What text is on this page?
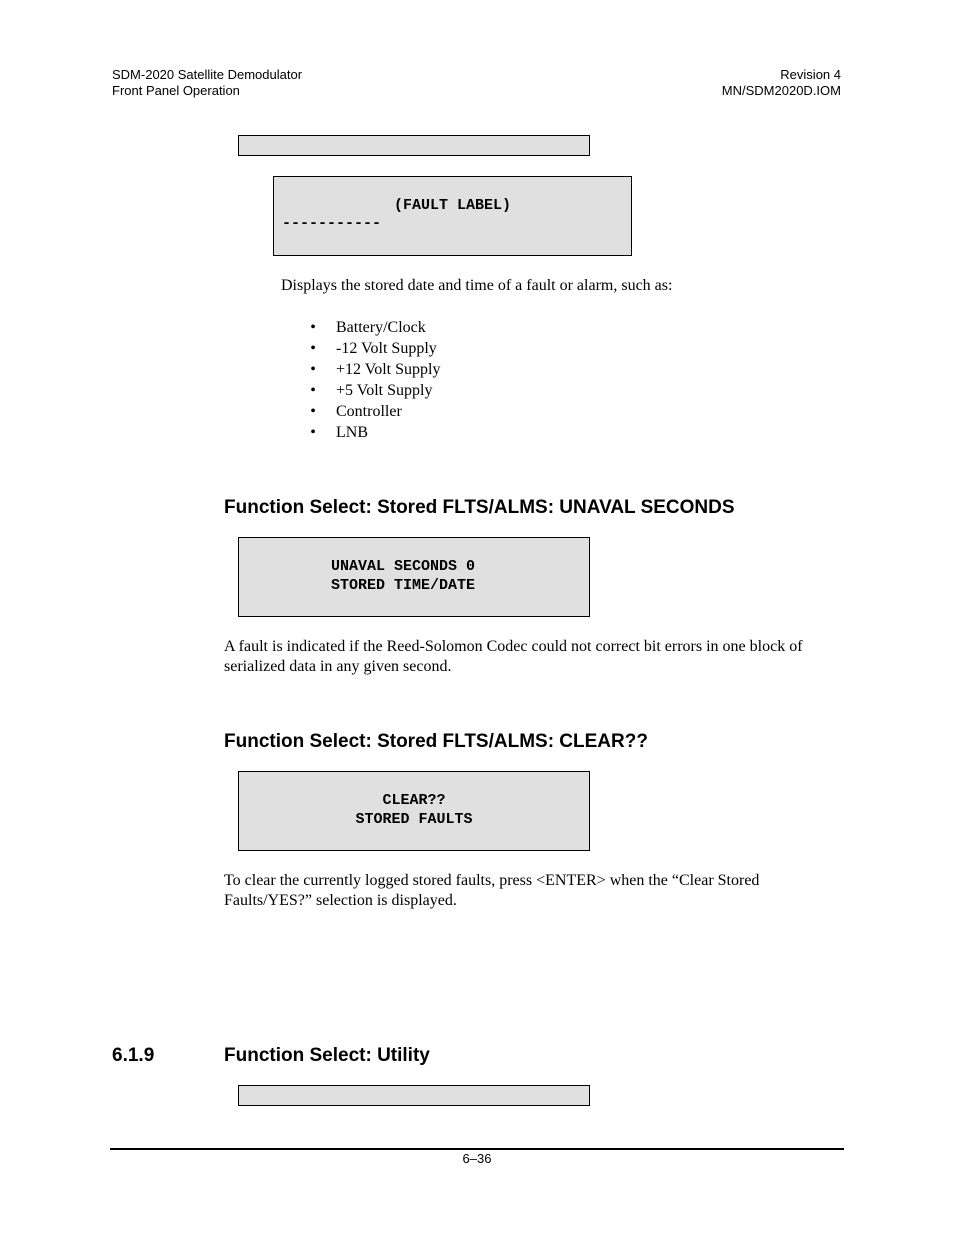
SDM-2020 Satellite Demodulator
Front Panel Operation
Revision 4
MN/SDM2020D.IOM
(FAULT LABEL)
-----------
Displays the stored date and time of a fault or alarm, such as:
• Battery/Clock
• -12 Volt Supply
• +12 Volt Supply
• +5 Volt Supply
• Controller
• LNB
Function Select: Stored FLTS/ALMS: UNAVAL SECONDS
UNAVAL SECONDS 0
STORED TIME/DATE
A fault is indicated if the Reed-Solomon Codec could not correct bit errors in one block of serialized data in any given second.
Function Select: Stored FLTS/ALMS: CLEAR??
CLEAR??
STORED FAULTS
To clear the currently logged stored faults, press <ENTER> when the “Clear Stored Faults/YES?” selection is displayed.
6.1.9	Function Select: Utility
6–36
